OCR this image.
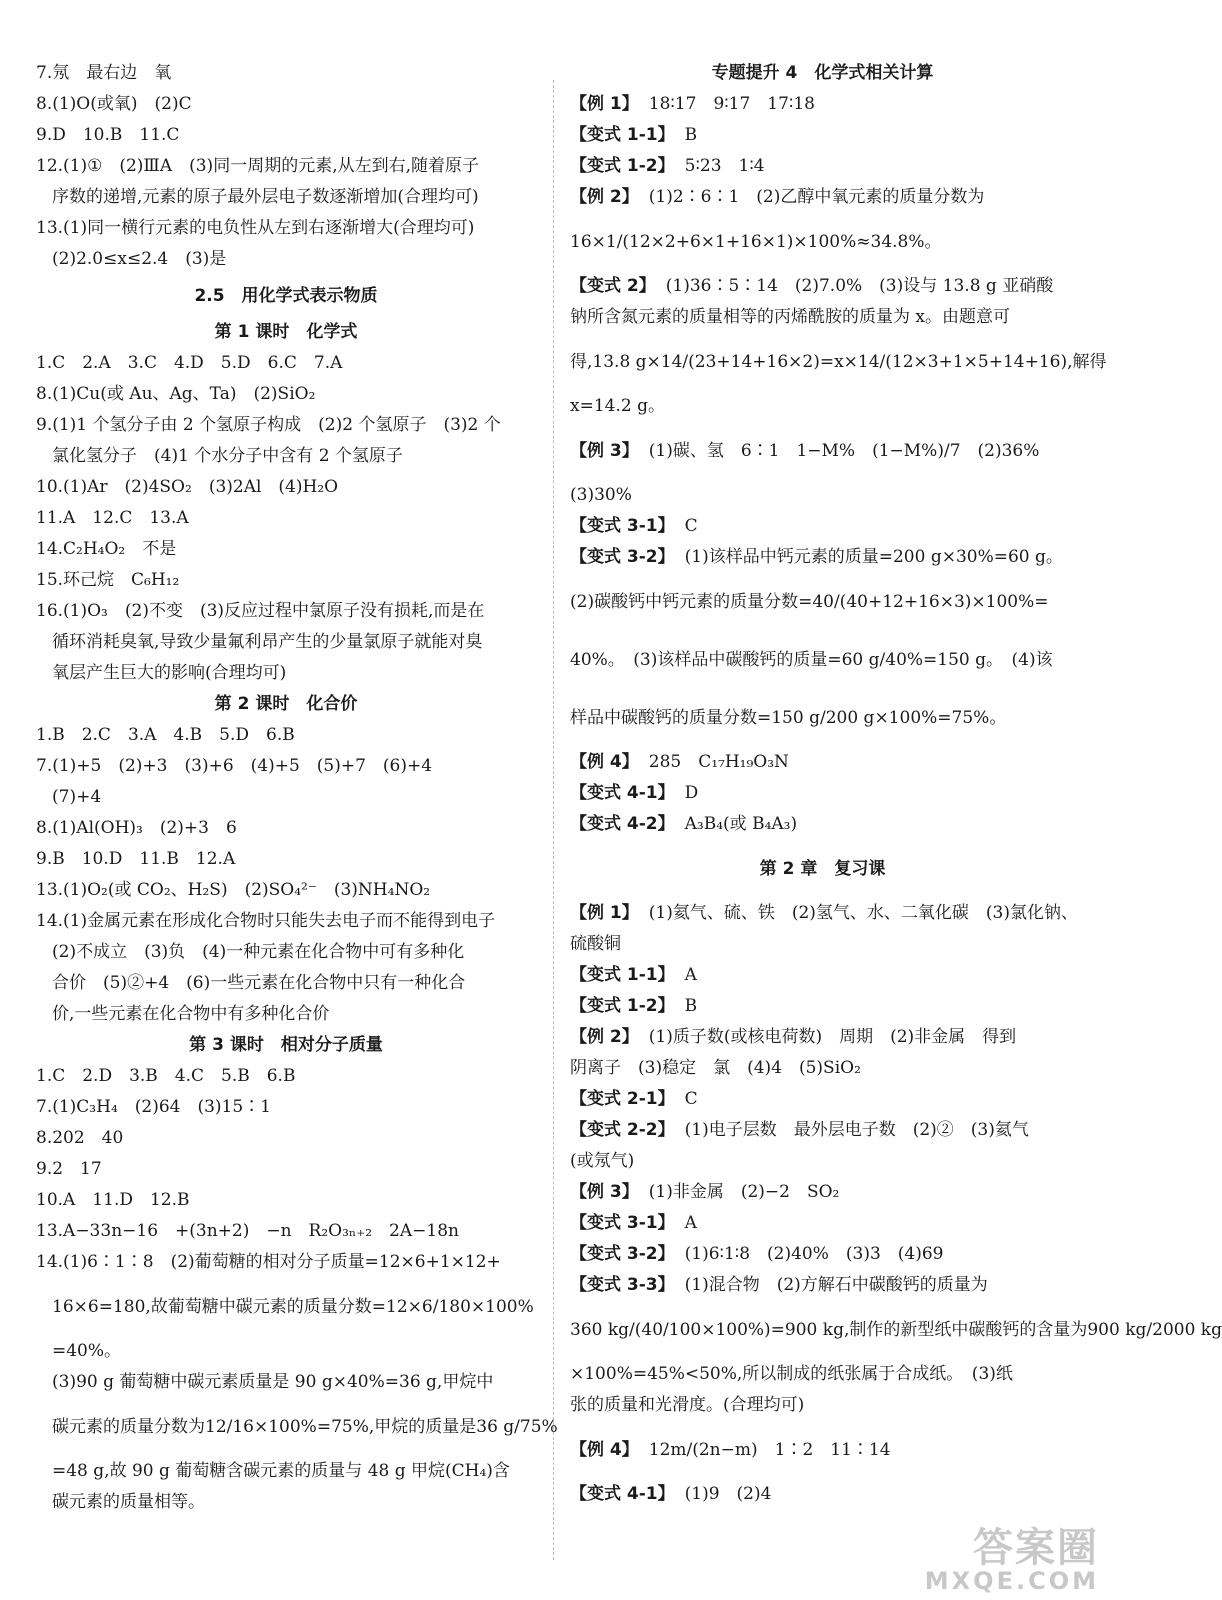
7.氖　最右边　氧
8.(1)O(或氧)　(2)C
9.D　10.B　11.C
12.(1)①　(2)ⅢA　(3)同一周期的元素,从左到右,随着原子
序数的递增,元素的原子最外层电子数逐渐增加(合理均可)
13.(1)同一横行元素的电负性从左到右逐渐增大(合理均可)
(2)2.0≤x≤2.4　(3)是
2.5　用化学式表示物质
第 1 课时　化学式
1.C　2.A　3.C　4.D　5.D　6.C　7.A
8.(1)Cu(或 Au、Ag、Ta)　(2)SiO₂
9.(1)1 个氢分子由 2 个氢原子构成　(2)2 个氢原子　(3)2 个
氯化氢分子　(4)1 个水分子中含有 2 个氢原子
10.(1)Ar　(2)4SO₂　(3)2Al　(4)H₂O
11.A　12.C　13.A
14.C₂H₄O₂　不是
15.环己烷　C₆H₁₂
16.(1)O₃　(2)不变　(3)反应过程中氯原子没有损耗,而是在
循环消耗臭氧,导致少量氟利昂产生的少量氯原子就能对臭
氧层产生巨大的影响(合理均可)
第 2 课时　化合价
1.B　2.C　3.A　4.B　5.D　6.B
7.(1)+5　(2)+3　(3)+6　(4)+5　(5)+7　(6)+4
(7)+4
8.(1)Al(OH)₃　(2)+3　6
9.B　10.D　11.B　12.A
13.(1)O₂(或 CO₂、H₂S)　(2)SO₄²⁻　(3)NH₄NO₂
14.(1)金属元素在形成化合物时只能失去电子而不能得到电子
(2)不成立　(3)负　(4)一种元素在化合物中可有多种化
合价　(5)②+4　(6)一些元素在化合物中只有一种化合
价,一些元素在化合物中有多种化合价
第 3 课时　相对分子质量
1.C　2.D　3.B　4.C　5.B　6.B
7.(1)C₃H₄　(2)64　(3)15∶1
8.202　40
9.2　17
10.A　11.D　12.B
13.A−33n−16　+(3n+2)　−n　R₂O₃ₙ₊₂　2A−18n
14.(1)6∶1∶8　(2)葡萄糖的相对分子质量=12×6+1×12+
16×6=180,故葡萄糖中碳元素的质量分数=12×6/180×100%
=40%。
(3)90 g 葡萄糖中碳元素质量是 90 g×40%=36 g,甲烷中
碳元素的质量分数为12/16×100%=75%,甲烷的质量是36 g/75%
=48 g,故 90 g 葡萄糖含碳元素的质量与 48 g 甲烷(CH₄)含
碳元素的质量相等。
专题提升 4　化学式相关计算
【例 1】 18∶17　9∶17　17∶18
【变式 1-1】 B
【变式 1-2】 5∶23　1∶4
【例 2】 (1)2∶6∶1　(2)乙醇中氧元素的质量分数为
16×1/(12×2+6×1+16×1)×100%≈34.8%。
【变式 2】 (1)36∶5∶14　(2)7.0%　(3)设与 13.8 g 亚硝酸
钠所含氮元素的质量相等的丙烯酰胺的质量为 x。由题意可
得,13.8 g×14/(23+14+16×2)=x×14/(12×3+1×5+14+16),解得
x=14.2 g。
【例 3】 (1)碳、氢　6∶1　1−M%　(1−M%)/7　(2)36%
(3)30%
【变式 3-1】 C
【变式 3-2】 (1)该样品中钙元素的质量=200 g×30%=60 g。
(2)碳酸钙中钙元素的质量分数=40/(40+12+16×3)×100%=
40%。　(3)该样品中碳酸钙的质量=60 g/40%=150 g。　(4)该
样品中碳酸钙的质量分数=150 g/200 g×100%=75%。
【例 4】 285　C₁₇H₁₉O₃N
【变式 4-1】 D
【变式 4-2】 A₃B₄(或 B₄A₃)
第 2 章　复习课
【例 1】 (1)氦气、硫、铁　(2)氢气、水、二氧化碳　(3)氯化钠、
硫酸铜
【变式 1-1】 A
【变式 1-2】 B
【例 2】 (1)质子数(或核电荷数)　周期　(2)非金属　得到
阴离子　(3)稳定　氯　(4)4　(5)SiO₂
【变式 2-1】 C
【变式 2-2】 (1)电子层数　最外层电子数　(2)②　(3)氦气
(或氖气)
【例 3】 (1)非金属　(2)−2　SO₂
【变式 3-1】 A
【变式 3-2】 (1)6∶1∶8　(2)40%　(3)3　(4)69
【变式 3-3】 (1)混合物　(2)方解石中碳酸钙的质量为
360 kg/(40/100×100%)=900 kg,制作的新型纸中碳酸钙的含量为900 kg/2000 kg
×100%=45%<50%,所以制成的纸张属于合成纸。　(3)纸
张的质量和光滑度。(合理均可)
【例 4】 12m/(2n−m)　1∶2　11∶14
【变式 4-1】 (1)9　(2)4
答案圈
MXQE.COM
